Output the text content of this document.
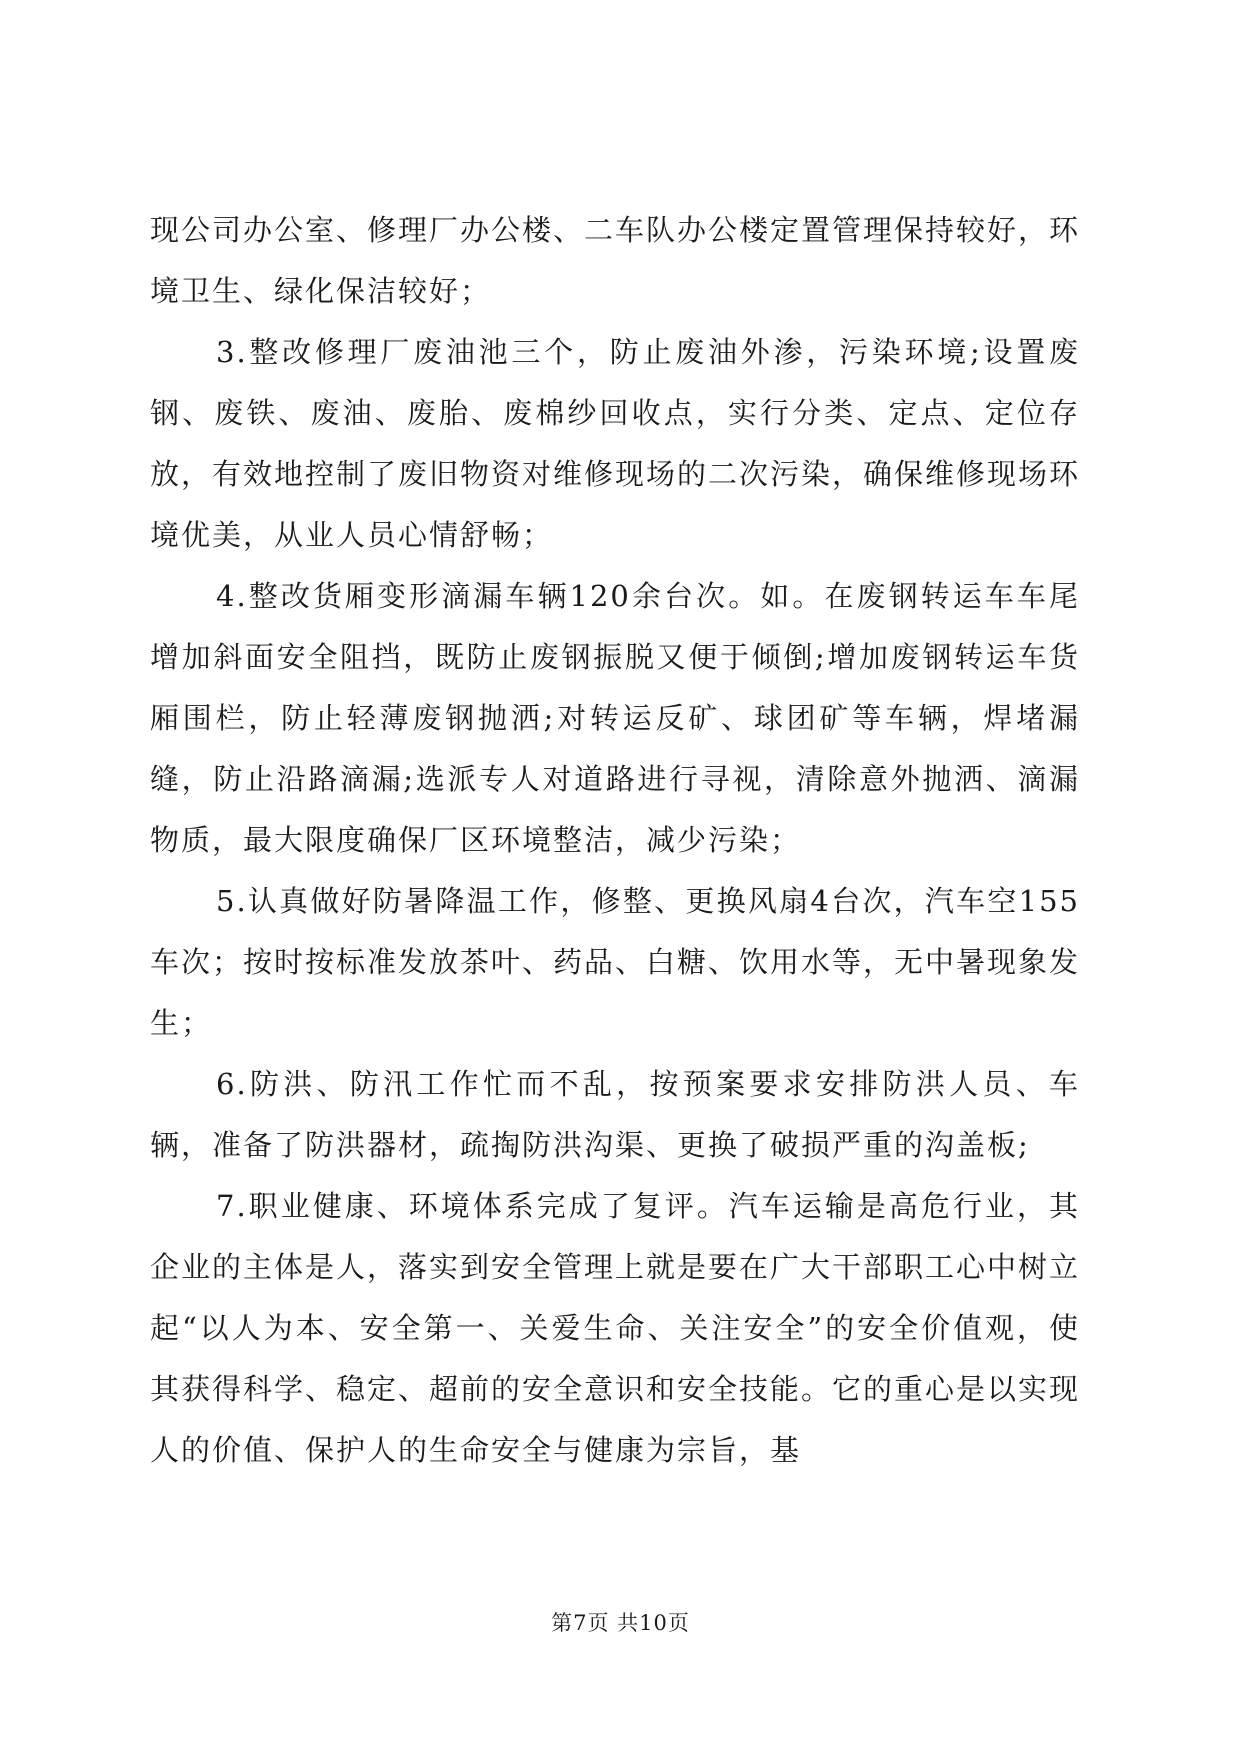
现公司办公室、修理厂办公楼、二车队办公楼定置管理保持较好，环境卫生、绿化保洁较好；

3.整改修理厂废油池三个，防止废油外渗，污染环境;设置废钢、废铁、废油、废胎、废棉纱回收点，实行分类、定点、定位存放，有效地控制了废旧物资对维修现场的二次污染，确保维修现场环境优美，从业人员心情舒畅；

4.整改货厢变形滴漏车辆120余台次。如。在废钢转运车车尾增加斜面安全阻挡，既防止废钢振脱又便于倾倒;增加废钢转运车货厢围栏，防止轻薄废钢抛洒;对转运反矿、球团矿等车辆，焊堵漏缝，防止沿路滴漏;选派专人对道路进行寻视，清除意外抛洒、滴漏物质，最大限度确保厂区环境整洁，减少污染；

5.认真做好防暑降温工作，修整、更换风扇4台次，汽车空155车次；按时按标准发放茶叶、药品、白糖、饮用水等，无中暑现象发生；

6.防洪、防汛工作忙而不乱，按预案要求安排防洪人员、车辆，准备了防洪器材，疏掏防洪沟渠、更换了破损严重的沟盖板;

7.职业健康、环境体系完成了复评。汽车运输是高危行业，其企业的主体是人，落实到安全管理上就是要在广大干部职工心中树立起“以人为本、安全第一、关爱生命、关注安全”的安全价值观，使其获得科学、稳定、超前的安全意识和安全技能。它的重心是以实现人的价值、保护人的生命安全与健康为宗旨，基

第7页 共10页
